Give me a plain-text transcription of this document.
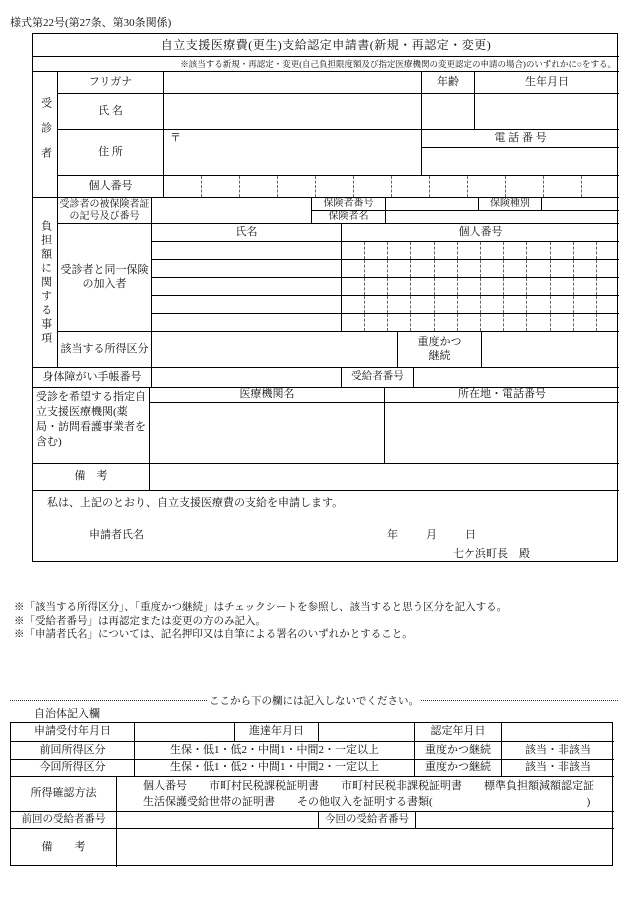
様式第22号(第27条、第30条関係)
自立支援医療費(更生)支給認定申請書(新規・再認定・変更)
※該当する新規・再認定・変更(自己負担限度額及び指定医療機関の変更認定の申請の場合)のいずれかに○をする。
受診者
フリガナ	年齢	生年月日
氏 名
住 所
〒	電 話 番 号
個人番号
負担額に関する事項
受診者の被保険者証
の記号及び番号
保険者番号	保険種別
保険者名
受診者と同一保険
の加入者
氏名	個人番号
該当する所得区分
重度かつ
継続
身体障がい手帳番号	受給者番号
受診を希望する指定自立支援医療機関(薬局・訪問看護事業者を含む)
医療機関名	所在地・電話番号
備　考
私は、上記のとおり、自立支援医療費の支給を申請します。
申請者氏名	年　　月　　日
七ケ浜町長　殿
※「該当する所得区分」、「重度かつ継続」はチェックシートを参照し、該当すると思う区分を記入する。
※「受給者番号」は再認定または変更の方のみ記入。
※「申請者氏名」については、記名押印又は自筆による署名のいずれかとすること。
ここから下の欄には記入しないでください。
自治体記入欄
申請受付年月日	進達年月日	認定年月日
前回所得区分	生保・低1・低2・中間1・中間2・一定以上	重度かつ継続	該当・非該当
今回所得区分	生保・低1・低2・中間1・中間2・一定以上	重度かつ継続	該当・非該当
所得確認方法
個人番号　　市町村民税課税証明書　　市町村民税非課税証明書　　標準負担額減額認定証
生活保護受給世帯の証明書　　その他収入を証明する書類(　　　　　　　　　　　　　　)
前回の受給者番号	今回の受給者番号
備　　考
